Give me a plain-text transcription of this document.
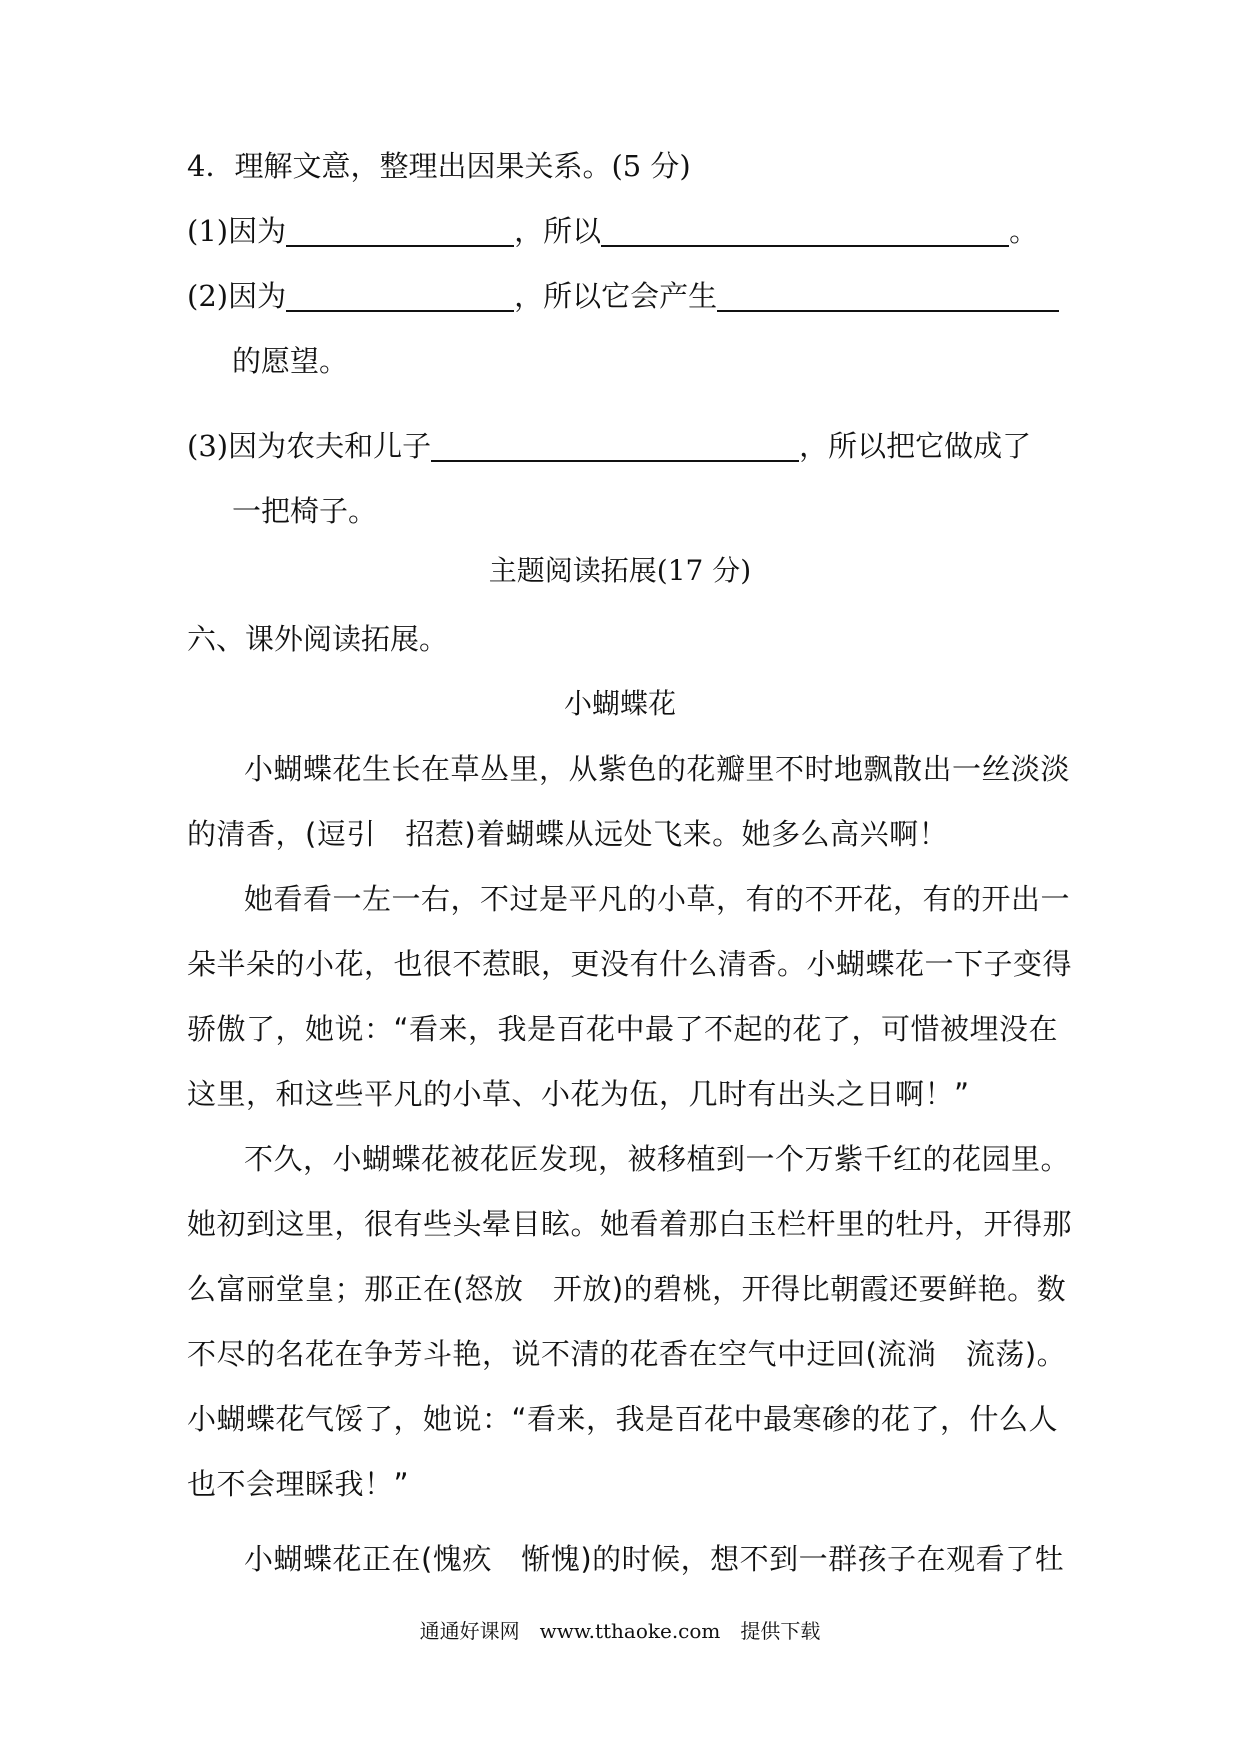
4．理解文意，整理出因果关系。(5 分)
(1)因为	，所以	。
(2)因为	，所以它会产生
的愿望。
(3)因为农夫和儿子	，所以把它做成了
一把椅子。
主题阅读拓展(17 分)
六、课外阅读拓展。
小蝴蝶花
小蝴蝶花生长在草丛里，从紫色的花瓣里不时地飘散出一丝淡淡
的清香，(逗引　招惹)着蝴蝶从远处飞来。她多么高兴啊！
她看看一左一右，不过是平凡的小草，有的不开花，有的开出一
朵半朵的小花，也很不惹眼，更没有什么清香。小蝴蝶花一下子变得
骄傲了，她说：“看来，我是百花中最了不起的花了，可惜被埋没在
这里，和这些平凡的小草、小花为伍，几时有出头之日啊！”
不久，小蝴蝶花被花匠发现，被移植到一个万紫千红的花园里。
她初到这里，很有些头晕目眩。她看着那白玉栏杆里的牡丹，开得那
么富丽堂皇；那正在(怒放　开放)的碧桃，开得比朝霞还要鲜艳。数
不尽的名花在争芳斗艳，说不清的花香在空气中迂回(流淌　流荡)。
小蝴蝶花气馁了，她说：“看来，我是百花中最寒碜的花了，什么人
也不会理睬我！”
小蝴蝶花正在(愧疚　惭愧)的时候，想不到一群孩子在观看了牡
通通好课网　www.tthaoke.com　提供下载
